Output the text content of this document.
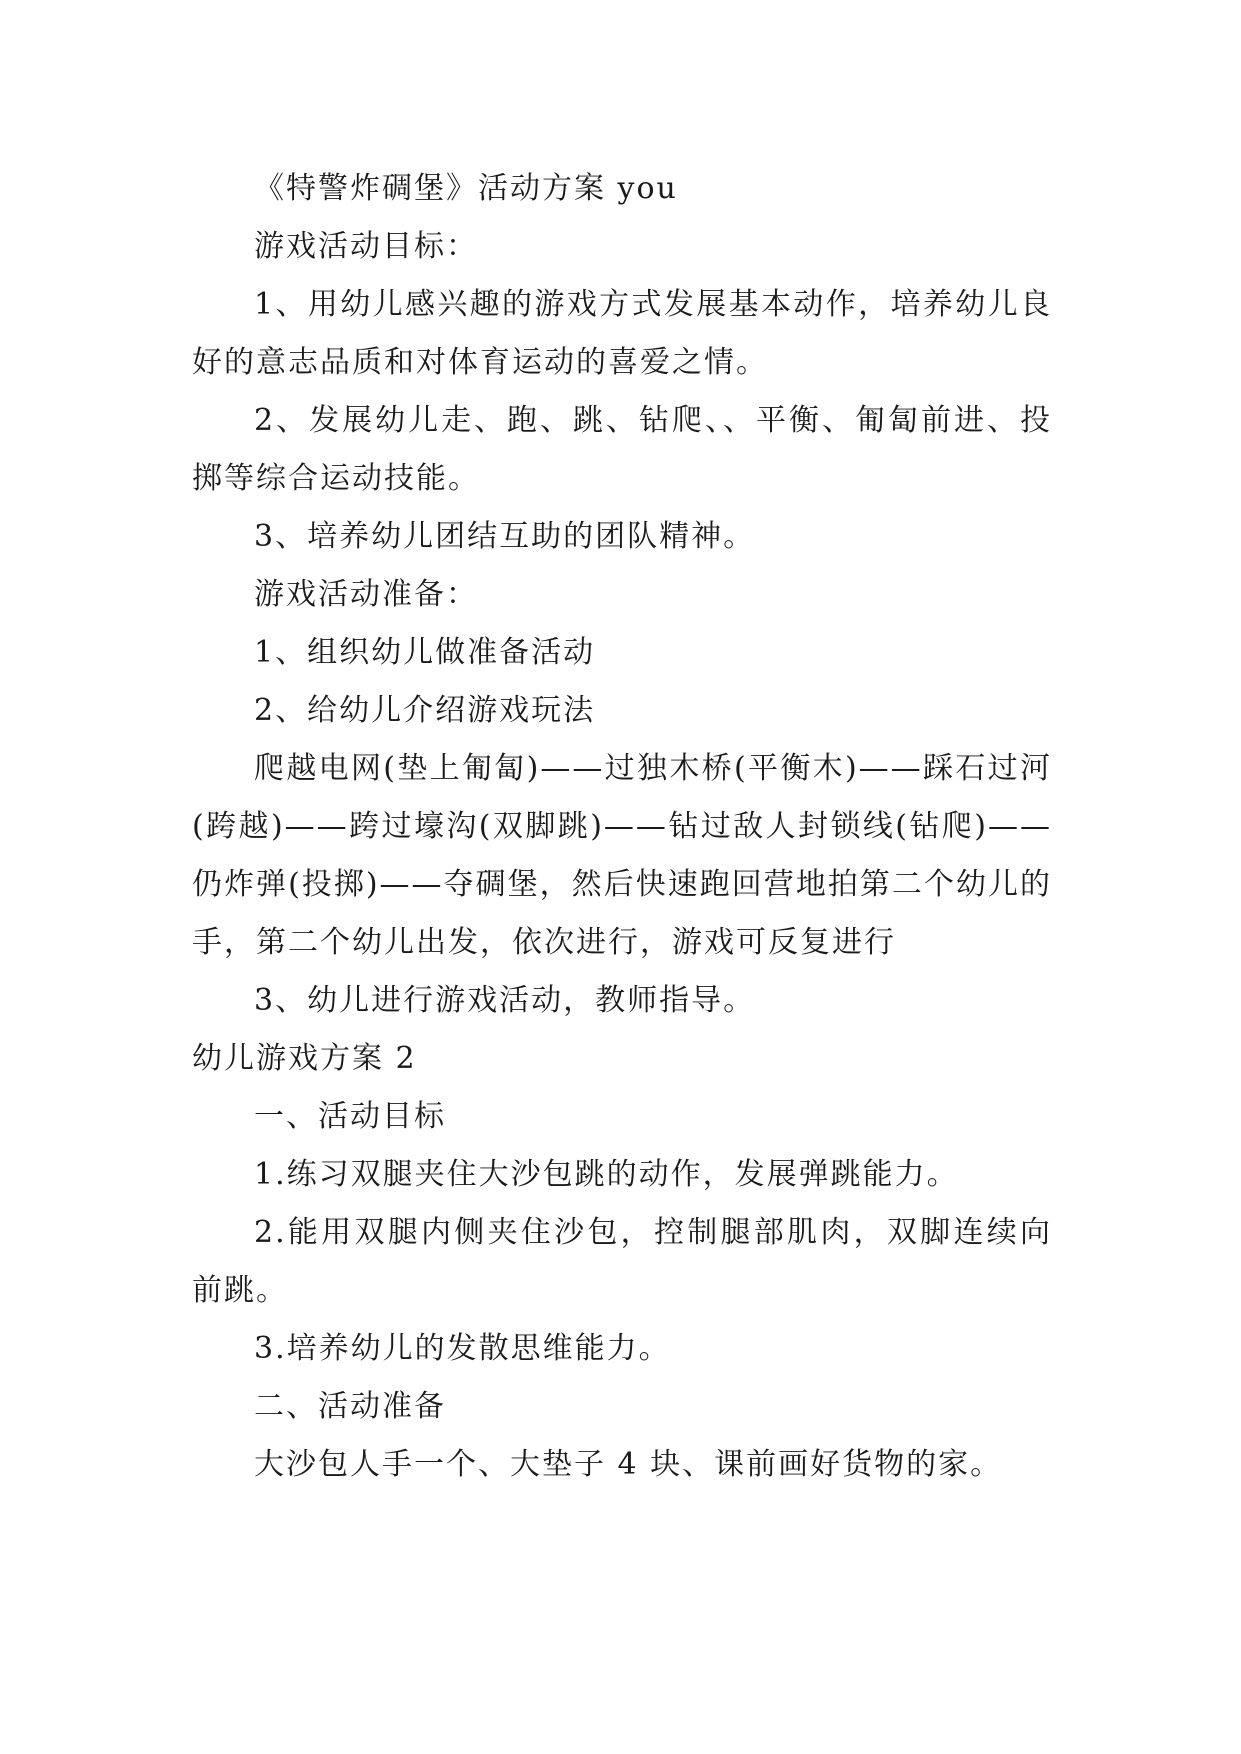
《特警炸碉堡》活动方案 you

游戏活动目标：

1、用幼儿感兴趣的游戏方式发展基本动作，培养幼儿良好的意志品质和对体育运动的喜爱之情。

2、发展幼儿走、跑、跳、钻爬、、平衡、匍匐前进、投掷等综合运动技能。

3、培养幼儿团结互助的团队精神。

游戏活动准备：

1、组织幼儿做准备活动

2、给幼儿介绍游戏玩法

爬越电网(垫上匍匐)——过独木桥(平衡木)——踩石过河(跨越)——跨过壕沟(双脚跳)——钻过敌人封锁线(钻爬)——仍炸弹(投掷)——夺碉堡，然后快速跑回营地拍第二个幼儿的手，第二个幼儿出发，依次进行，游戏可反复进行

3、幼儿进行游戏活动，教师指导。

幼儿游戏方案 2

一、活动目标

1.练习双腿夹住大沙包跳的动作，发展弹跳能力。

2.能用双腿内侧夹住沙包，控制腿部肌肉，双脚连续向前跳。

3.培养幼儿的发散思维能力。

二、活动准备

大沙包人手一个、大垫子 4 块、课前画好货物的家。
